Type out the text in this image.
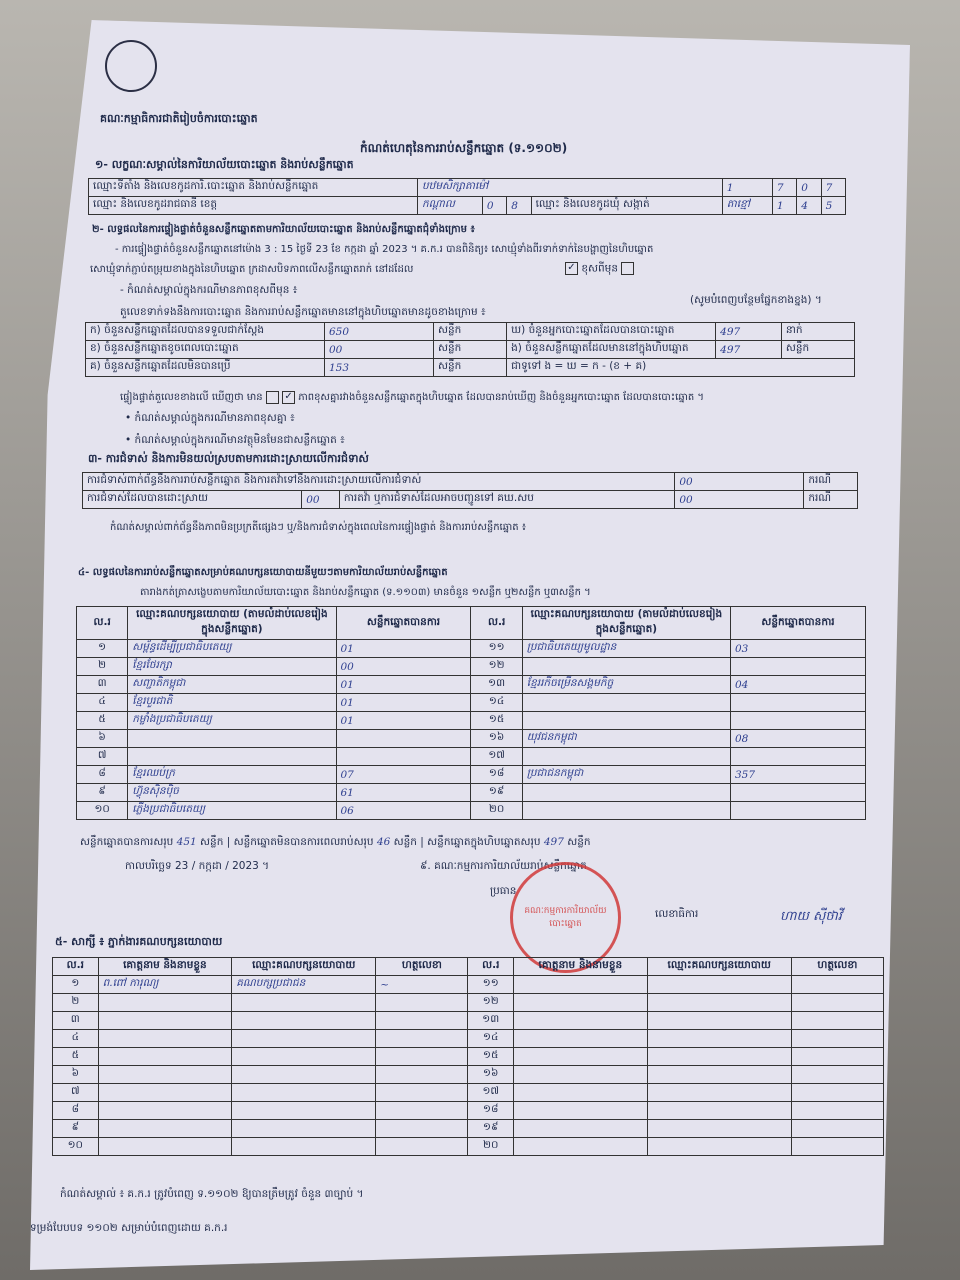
គណៈកម្មាធិការជាតិរៀបចំការបោះឆ្នោត
កំណត់ហេតុនៃការរាប់សន្លឹកឆ្នោត (ទ.១១០២)
១- លក្ខណៈសម្គាល់នៃការិយាល័យបោះឆ្នោត និងរាប់សន្លឹកឆ្នោត
ឈ្មោះទីតាំង និងលេខកូដការិ.បោះឆ្នោត និងរាប់សន្លឹកឆ្នោត	បឋមសិក្សាតាម៉ៅ				1	7	0	7
ឈ្មោះ និងលេខកូដរាជធានី ខេត្ត	កណ្ដាល	0	8	ឈ្មោះ និងលេខកូដឃុំ សង្កាត់	តាខ្មៅ	1	4	5
២- លទ្ធផលនៃការផ្ទៀងផ្ទាត់ចំនួនសន្លឹកឆ្នោតតាមការិយាល័យបោះឆ្នោត និងរាប់សន្លឹកឆ្នោតជុំទាំងក្រោម ៖
- ការផ្ទៀងផ្ទាត់ចំនួនសន្លឹកឆ្នោតនៅម៉ោង 3 : 15 ថ្ងៃទី 23 ខែ កក្កដា ឆ្នាំ 2023 ។ គ.ក.រ បានពិនិត្យ៖ សោឃ្មុំទាំងពីរទាក់ទាក់នៃបង្ហាញនៃហិបឆ្នោត
សោឃ្មុំទាក់ភ្ជាប់តម្រុយខាងក្នុងនៃហិបឆ្នោត ក្រដាសបិទភាពលើសន្លឹកឆ្នោតរាក់ នៅដដែល	✓ ខុសពីមុន
- កំណត់សម្គាល់ក្នុងករណីមានភាពខុសពីមុន ៖
(សូមបំពេញបន្ថែមផ្នែកខាងខ្នង) ។
តួលេខទាក់ទងនឹងការបោះឆ្នោត និងការរាប់សន្លឹកឆ្នោតមាននៅក្នុងហិបឆ្នោតមានដូចខាងក្រោម ៖
ក) ចំនួនសន្លឹកឆ្នោតដែលបានទទួលជាក់ស្ដែង	650	សន្លឹក	ឃ) ចំនួនអ្នកបោះឆ្នោតដែលបានបោះឆ្នោត	497	នាក់
ខ) ចំនួនសន្លឹកឆ្នោតខូចពេលបោះឆ្នោត	00	សន្លឹក	ង) ចំនួនសន្លឹកឆ្នោតដែលមាននៅក្នុងហិបឆ្នោត	497	សន្លឹក
គ) ចំនួនសន្លឹកឆ្នោតដែលមិនបានប្រើ	153	សន្លឹក	ជាទូទៅ ង = ឃ = ក - (ខ + គ)		
ផ្ទៀងផ្ទាត់តួលេខខាងលើ ឃើញថា មាន ✓ ភាពខុសគ្នារវាងចំនួនសន្លឹកឆ្នោតក្នុងហិបឆ្នោត ដែលបានរាប់ឃើញ និងចំនួនអ្នកបោះឆ្នោត ដែលបានបោះឆ្នោត ។
• កំណត់សម្គាល់ក្នុងករណីមានភាពខុសគ្នា ៖
• កំណត់សម្គាល់ក្នុងករណីមានវត្ថុមិនមែនជាសន្លឹកឆ្នោត ៖
៣- ការជំទាស់ និងការមិនយល់ស្របតាមការដោះស្រាយលើការជំទាស់
ការជំទាស់ពាក់ព័ន្ធនឹងការរាប់សន្លឹកឆ្នោត និងការតវ៉ាទៅនឹងការដោះស្រាយលើការជំទាស់			00	ករណី
ការជំទាស់ដែលបានដោះស្រាយ	00	ការតវ៉ា ឬការជំទាស់ដែលអាចបញ្ជូនទៅ គឃ.សប	00	ករណី
កំណត់សម្គាល់ពាក់ព័ន្ធនឹងភាពមិនប្រក្រតីផ្សេងៗ ឬ/និងការជំទាស់ក្នុងពេលនៃការផ្ទៀងផ្ទាត់ និងការរាប់សន្លឹកឆ្នោត ៖
៤- លទ្ធផលនៃការរាប់សន្លឹកឆ្នោតសម្រាប់គណបក្សនយោបាយនីមួយៗតាមការិយាល័យរាប់សន្លឹកឆ្នោត
តារាងកត់ត្រាសង្ខេបតាមការិយាល័យបោះឆ្នោត និងរាប់សន្លឹកឆ្នោត (ទ.១១០៣) មានចំនួន ១សន្លឹក ឬ២សន្លឹក ឬ៣សន្លឹក ។
ល.រ	ឈ្មោះគណបក្សនយោបាយ (តាមលំដាប់លេខរៀងក្នុងសន្លឹកឆ្នោត)	សន្លឹកឆ្នោតបានការ	ល.រ	ឈ្មោះគណបក្សនយោបាយ (តាមលំដាប់លេខរៀងក្នុងសន្លឹកឆ្នោត)	សន្លឹកឆ្នោតបានការ
១	សម្ព័ន្ធដើម្បីប្រជាធិបតេយ្យ	01	១១	ប្រជាធិបតេយ្យមូលដ្ឋាន	03
២	ខ្មែរថែរក្សា	00	១២		
៣	សញ្ជាតិកម្ពុជា	01	១៣	ខ្មែររកីចម្រើនសង្គមកិច្ច	04
៤	ខ្មែរបួរជាតិ	01	១៤		
៥	កម្លាំងប្រជាធិបតេយ្យ	01	១៥		
៦			១៦	យុវជនកម្ពុជា	08
៧			១៧		
៨	ខ្មែរឈប់ក្រ	07	១៨	ប្រជាជនកម្ពុជា	357
៩	ហ៊្វុនស៊ិនប៉ិច	61	១៩		
១០	ភ្លើងប្រជាធិបតេយ្យ	06	២០		
សន្លឹកឆ្នោតបានការសរុប 451 សន្លឹក | សន្លឹកឆ្នោតមិនបានការពេលរាប់សរុប 46 សន្លឹក | សន្លឹកឆ្នោតក្នុងហិបឆ្នោតសរុប 497 សន្លឹក
កាលបរិច្ឆេទ 23 / កក្កដា / 2023 ។	៩. គណៈកម្មការការិយាល័យរាប់សន្លឹកឆ្នោត
ប្រធាន
គណៈកម្មការការិយាល័យបោះឆ្នោត
លេខាធិការ	ហាយ ស៊ីថាវី
៥- សាក្សី ៖ ភ្នាក់ងារគណបក្សនយោបាយ
ល.រ	គោត្តនាម និងនាមខ្លួន	ឈ្មោះគណបក្សនយោបាយ	ហត្ថលេខា	ល.រ	គោត្តនាម និងនាមខ្លួន	ឈ្មោះគណបក្សនយោបាយ	ហត្ថលេខា
១	ព.ពៅ ការុណ្យ	គណបក្សប្រជាជន	~	១១			
២				១២			
៣				១៣			
៤				១៤			
៥				១៥			
៦				១៦			
៧				១៧			
៨				១៨			
៩				១៩			
១០				២០			
កំណត់សម្គាល់ ៖ គ.ក.រ ត្រូវបំពេញ ទ.១១០២ ឱ្យបានត្រឹមត្រូវ ចំនួន ៣ច្បាប់ ។
ទម្រង់បែបបទ ១១០២ សម្រាប់បំពេញដោយ គ.ក.រ
